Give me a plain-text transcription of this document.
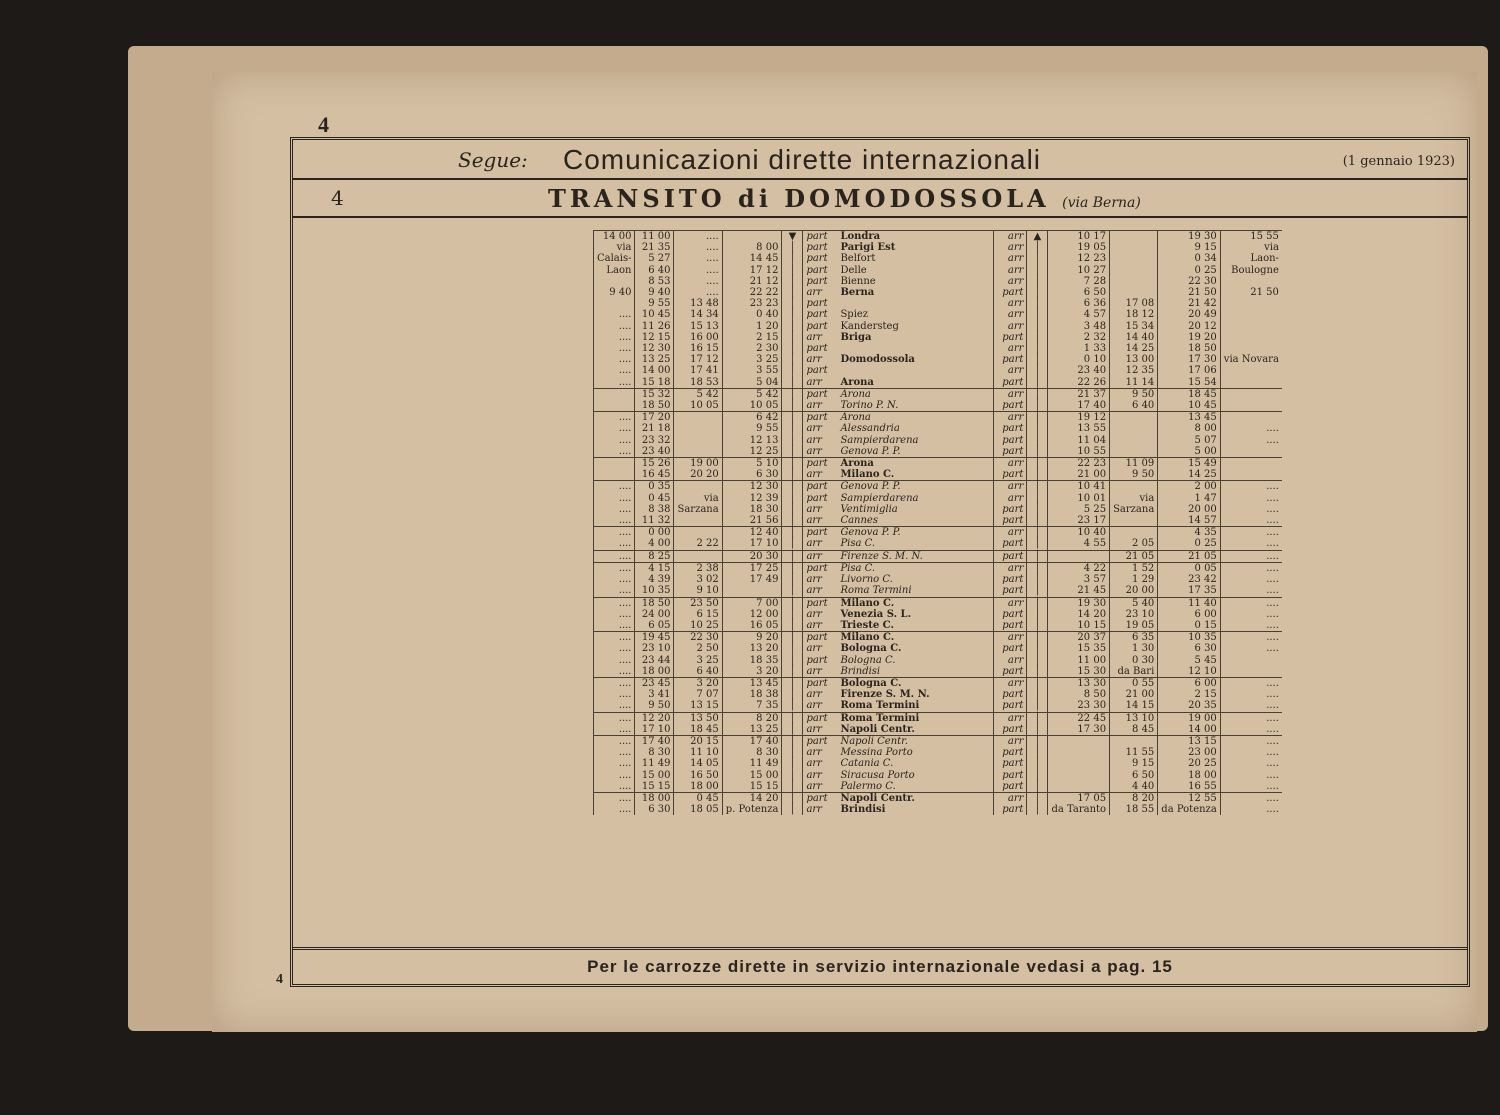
4
4
Segue: Comunicazioni dirette internazionali	(1 gennaio 1923)
4	TRANSITO di DOMODOSSOLA (via Berna)
14 00	11 00	....		▼	part	Londra	arr	▲	10 17		19 30	15 55
via	21 35	....	8 00	│	part	Parigi Est	arr	│	19 05		9 15	via
Calais-	5 27	....	14 45	│	part	Belfort	arr	│	12 23		0 34	Laon-
Laon	6 40	....	17 12	│	part	Delle	arr	│	10 27		0 25	Boulogne
	8 53	....	21 12	│	part	Bienne	arr	│	7 28		22 30	
9 40	9 40	....	22 22	│	arr	Berna	part	│	6 50		21 50	21 50
	9 55	13 48	23 23	│	part		arr	│	6 36	17 08	21 42	
....	10 45	14 34	0 40	│	part	Spiez	arr	│	4 57	18 12	20 49	
....	11 26	15 13	1 20	│	part	Kandersteg	arr	│	3 48	15 34	20 12	
....	12 15	16 00	2 15	│	arr	Briga	part	│	2 32	14 40	19 20	
....	12 30	16 15	2 30	│	part		arr	│	1 33	14 25	18 50	
....	13 25	17 12	3 25	│	arr	Domodossola	part	│	0 10	13 00	17 30	via Novara
....	14 00	17 41	3 55	│	part		arr	│	23 40	12 35	17 06	
....	15 18	18 53	5 04	│	arr	Arona	part	│	22 26	11 14	15 54	
	15 32	5 42	5 42	│	part	Arona	arr	│	21 37	9 50	18 45	
	18 50	10 05	10 05	│	arr	Torino P. N.	part	│	17 40	6 40	10 45	
....	17 20		6 42	│	part	Arona	arr	│	19 12		13 45	
....	21 18		9 55	│	arr	Alessandria	part	│	13 55		8 00	....
....	23 32		12 13	│	arr	Sampierdarena	part	│	11 04		5 07	....
....	23 40		12 25	│	arr	Genova P. P.	part	│	10 55		5 00	
	15 26	19 00	5 10	│	part	Arona	arr	│	22 23	11 09	15 49	
	16 45	20 20	6 30	│	arr	Milano C.	part	│	21 00	9 50	14 25	
....	0 35		12 30	│	part	Genova P. P.	arr	│	10 41		2 00	....
....	0 45	via	12 39	│	part	Sampierdarena	arr	│	10 01	via	1 47	....
....	8 38	Sarzana	18 30	│	arr	Ventimiglia	part	│	5 25	Sarzana	20 00	....
....	11 32		21 56	│	arr	Cannes	part	│	23 17		14 57	....
....	0 00		12 40	│	part	Genova P. P.	arr	│	10 40		4 35	....
....	4 00	2 22	17 10	│	arr	Pisa C.	part	│	4 55	2 05	0 25	....
....	8 25		20 30	│	arr	Firenze S. M. N.	part	│		21 05	21 05	....
....	4 15	2 38	17 25	│	part	Pisa C.	arr	│	4 22	1 52	0 05	....
....	4 39	3 02	17 49	│	arr	Livorno C.	part	│	3 57	1 29	23 42	....
....	10 35	9 10		│	arr	Roma Termini	part	│	21 45	20 00	17 35	....
....	18 50	23 50	7 00	│	part	Milano C.	arr	│	19 30	5 40	11 40	....
....	24 00	6 15	12 00	│	arr	Venezia S. L.	part	│	14 20	23 10	6 00	....
....	6 05	10 25	16 05	│	arr	Trieste C.	part	│	10 15	19 05	0 15	....
....	19 45	22 30	9 20	│	part	Milano C.	arr	│	20 37	6 35	10 35	....
....	23 10	2 50	13 20	│	arr	Bologna C.	part	│	15 35	1 30	6 30	....
....	23 44	3 25	18 35	│	part	Bologna C.	arr	│	11 00	0 30	5 45	
....	18 00	6 40	3 20	│	arr	Brindisi	part	│	15 30	da Bari	12 10	
....	23 45	3 20	13 45	│	part	Bologna C.	arr	│	13 30	0 55	6 00	....
....	3 41	7 07	18 38	│	arr	Firenze S. M. N.	part	│	8 50	21 00	2 15	....
....	9 50	13 15	7 35	│	arr	Roma Termini	part	│	23 30	14 15	20 35	....
....	12 20	13 50	8 20	│	part	Roma Termini	arr	│	22 45	13 10	19 00	....
....	17 10	18 45	13 25	│	arr	Napoli Centr.	part	│	17 30	8 45	14 00	....
....	17 40	20 15	17 40	│	part	Napoli Centr.	arr	│			13 15	....
....	8 30	11 10	8 30	│	arr	Messina Porto	part	│		11 55	23 00	....
....	11 49	14 05	11 49	│	arr	Catania C.	part	│		9 15	20 25	....
....	15 00	16 50	15 00	│	arr	Siracusa Porto	part	│		6 50	18 00	....
....	15 15	18 00	15 15	│	arr	Palermo C.	part	│		4 40	16 55	....
....	18 00	0 45	14 20	│	part	Napoli Centr.	arr	│	17 05	8 20	12 55	....
....	6 30	18 05	p. Potenza	│	arr	Brindisi	part	│	da Taranto	18 55	da Potenza	....
Per le carrozze dirette in servizio internazionale vedasi a pag. 15
